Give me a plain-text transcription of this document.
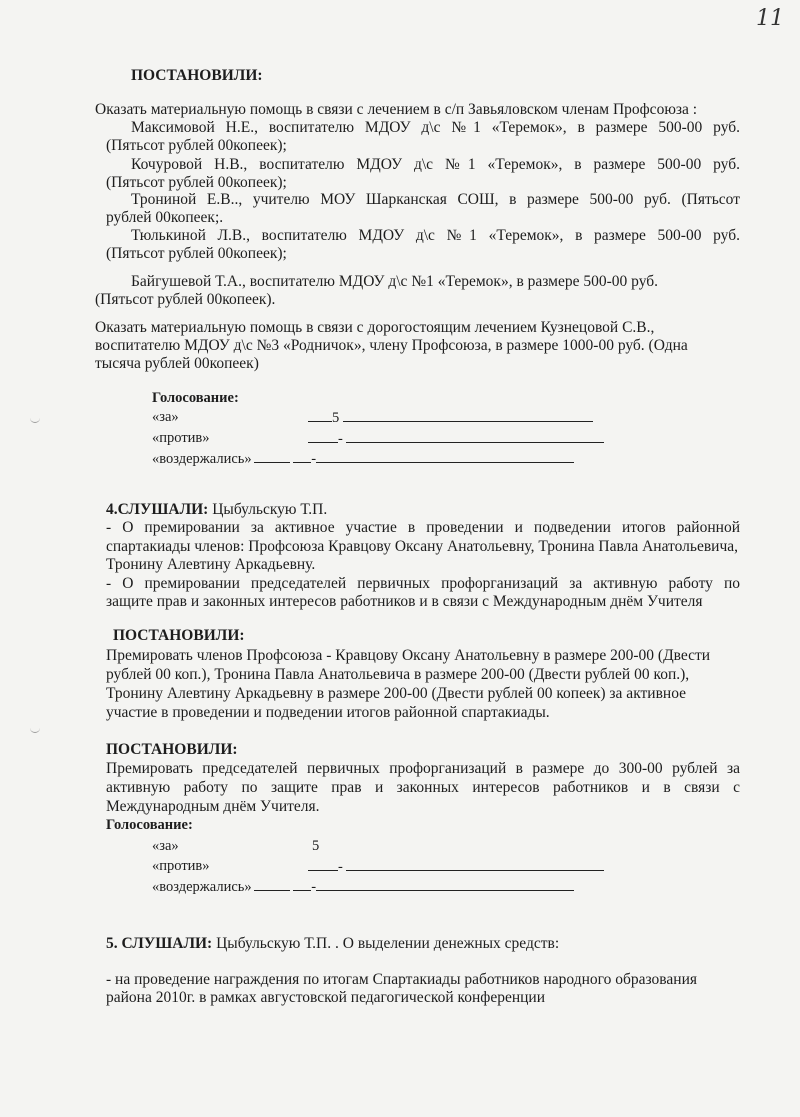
11
ПОСТАНОВИЛИ:
Оказать материальную помощь в связи с лечением в с/п Завьяловском членам Профсоюза :
Максимовой Н.Е., воспитателю МДОУ д\с №1 «Теремок», в размере 500-00 руб.
(Пятьсот рублей 00копеек);
Кочуровой Н.В., воспитателю МДОУ д\с №1 «Теремок», в размере 500-00 руб.
(Пятьсот рублей 00копеек);
Трониной Е.В.., учителю МОУ Шарканская СОШ, в размере 500-00 руб. (Пятьсот
рублей 00копеек;.
Тюлькиной Л.В., воспитателю МДОУ д\с №1 «Теремок», в размере 500-00 руб.
(Пятьсот рублей 00копеек);
Байгушевой Т.А., воспитателю МДОУ д\с №1 «Теремок», в размере 500-00 руб.
(Пятьсот рублей 00копеек).
Оказать материальную помощь в связи с дорогостоящим лечением Кузнецовой С.В.,
воспитателю МДОУ д\с №3 «Родничок», члену Профсоюза, в размере 1000-00 руб. (Одна
тысяча рублей 00копеек)
Голосование:
«за»	5
«против»	-
«воздержались»	-
4.СЛУШАЛИ: Цыбульскую Т.П.
- О премировании за активное участие в проведении и подведении итогов районной
спартакиады членов: Профсоюза Кравцову Оксану Анатольевну, Тронина Павла Анатольевича,
Тронину Алевтину Аркадьевну.
- О премировании председателей первичных профорганизаций за активную работу по
защите прав и законных интересов работников и в связи с Международным днём Учителя
ПОСТАНОВИЛИ:
Премировать членов Профсоюза - Кравцову Оксану Анатольевну в размере 200-00 (Двести
рублей 00 коп.), Тронина Павла Анатольевича в размере 200-00 (Двести рублей 00 коп.),
Тронину Алевтину Аркадьевну в размере 200-00 (Двести рублей 00 копеек) за активное
участие в проведении и подведении итогов районной спартакиады.
ПОСТАНОВИЛИ:
Премировать председателей первичных профорганизаций в размере до 300-00 рублей за
активную работу по защите прав и законных интересов работников и в связи с
Международным днём Учителя.
Голосование:
«за»	5
«против»	-
«воздержались»	-
5. СЛУШАЛИ: Цыбульскую Т.П. . О выделении денежных средств:
- на проведение награждения по итогам Спартакиады работников народного образования
района 2010г. в рамках августовской педагогической конференции
